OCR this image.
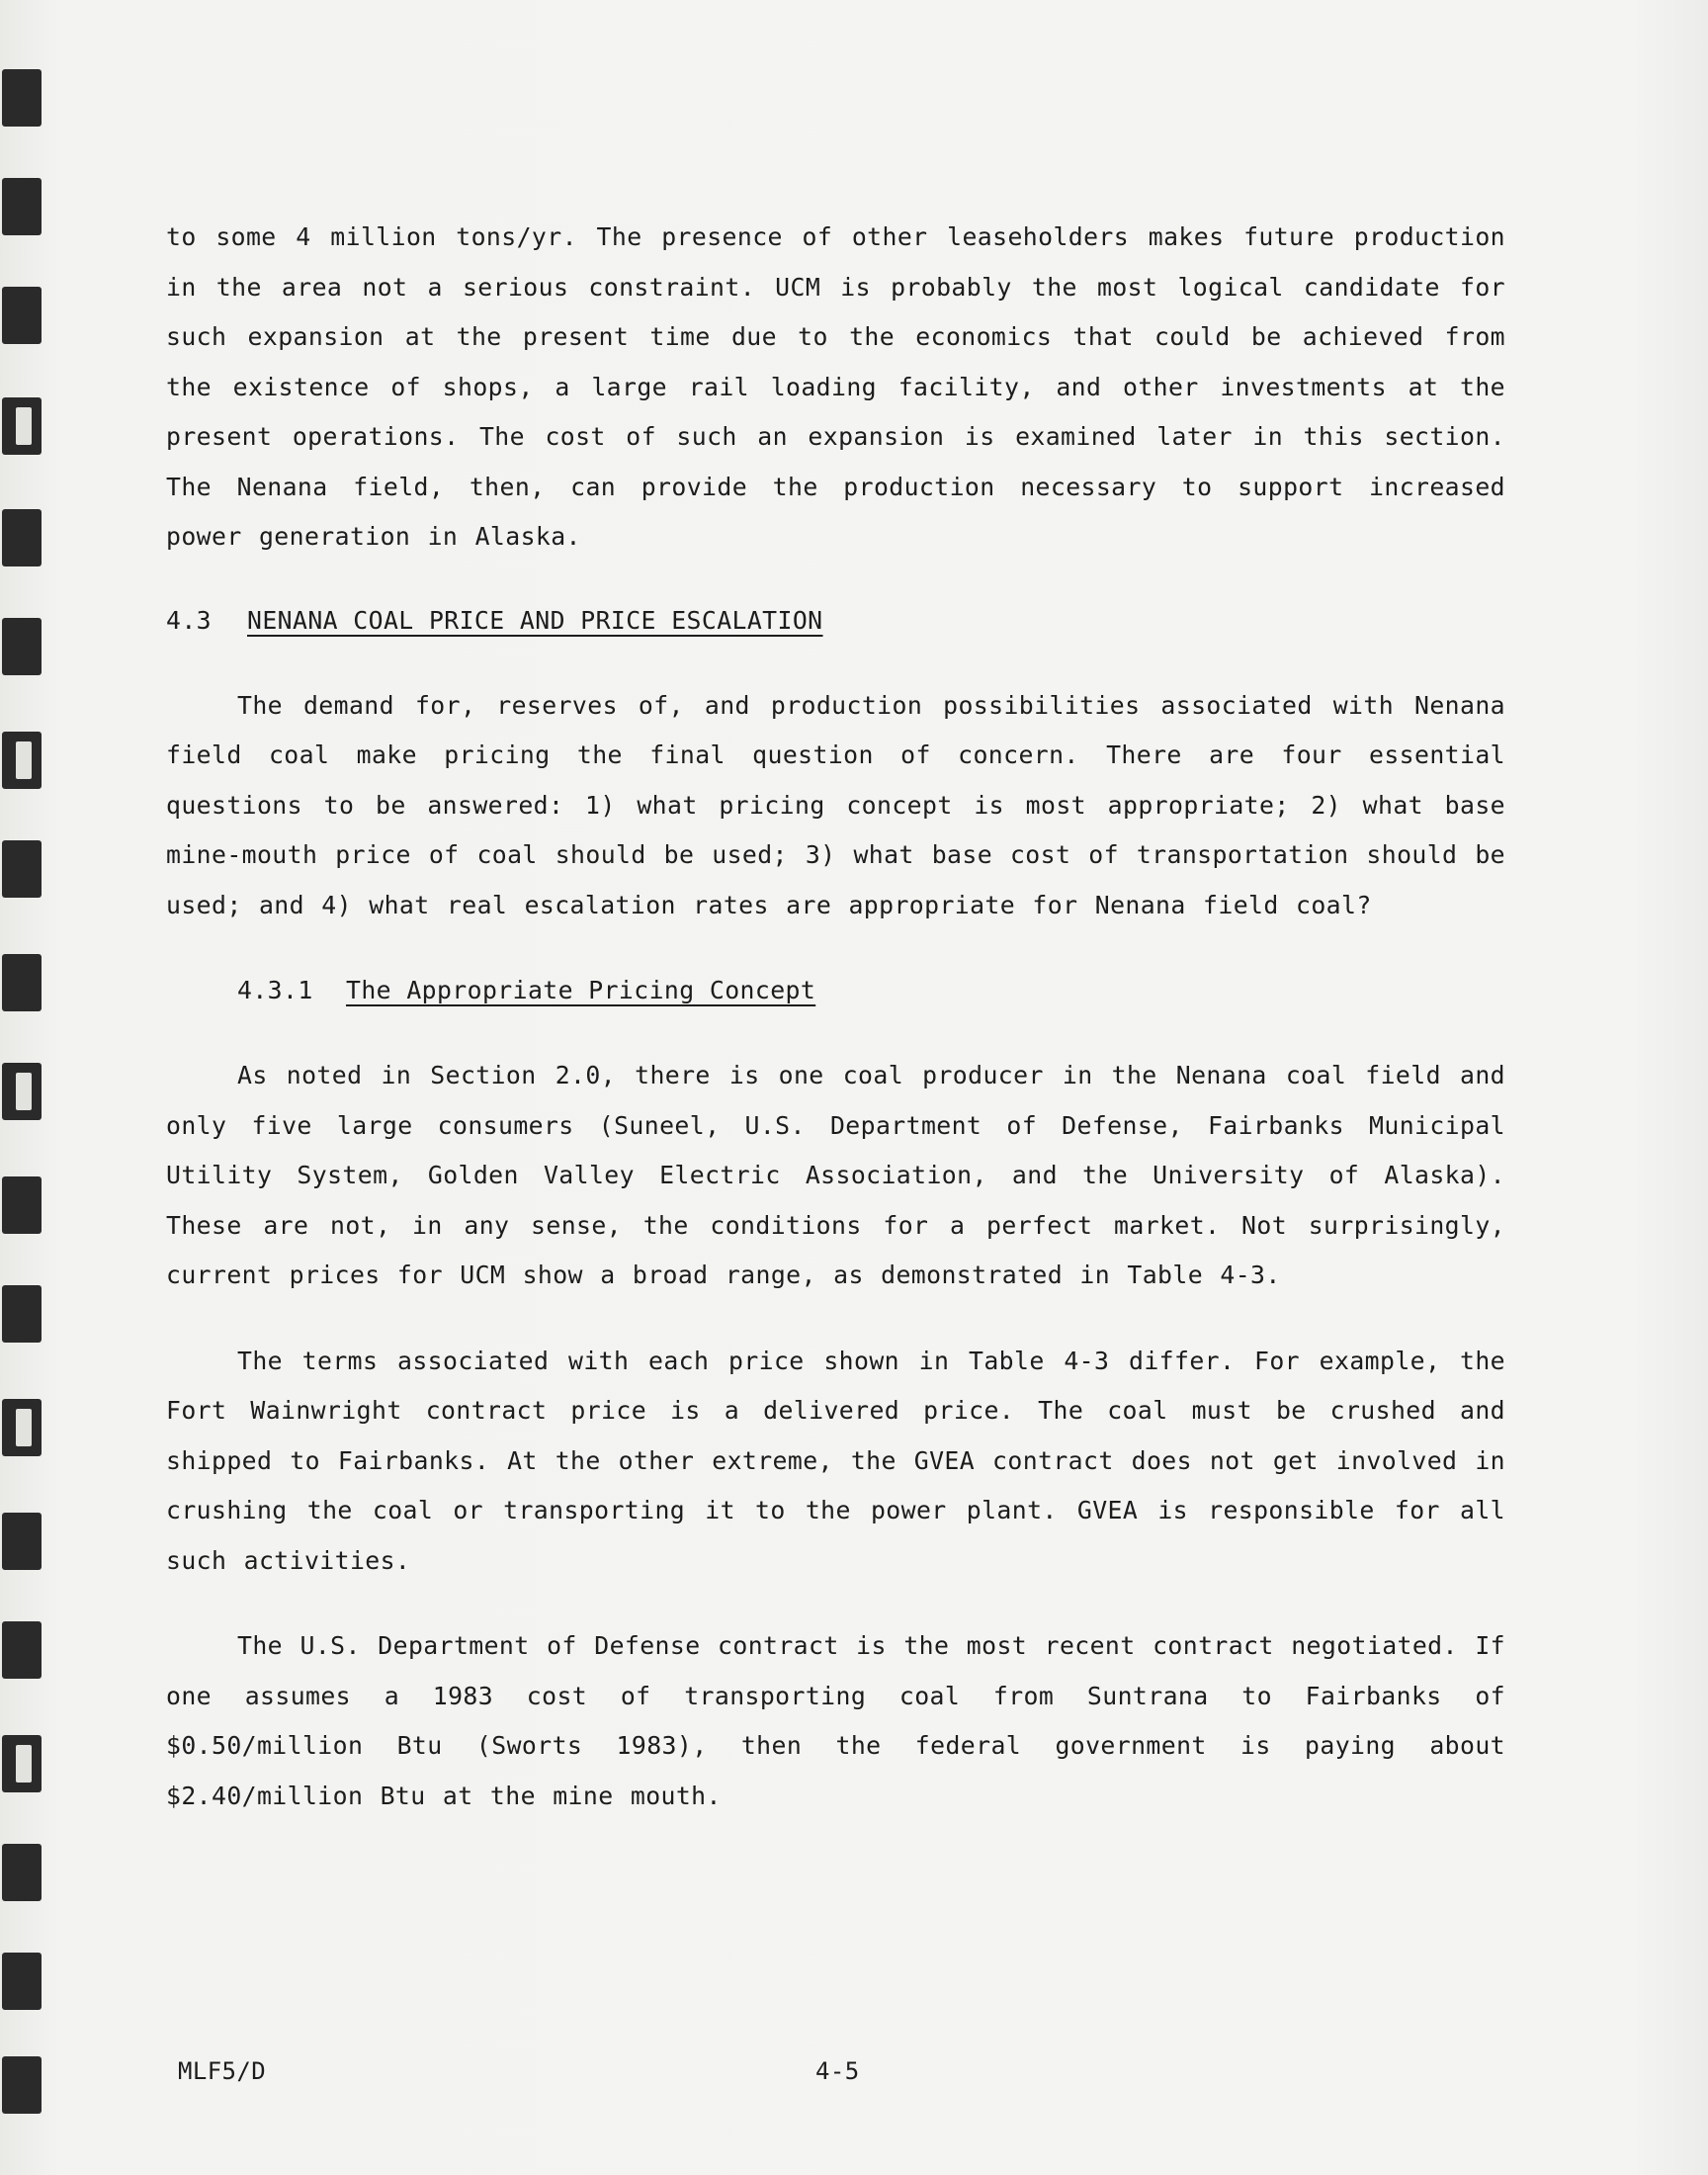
to some 4 million tons/yr. The presence of other leaseholders makes future production in the area not a serious constraint. UCM is probably the most logical candidate for such expansion at the present time due to the economics that could be achieved from the existence of shops, a large rail loading facility, and other investments at the present operations. The cost of such an expansion is examined later in this section. The Nenana field, then, can provide the production necessary to support increased power generation in Alaska.

4.3 NENANA COAL PRICE AND PRICE ESCALATION

The demand for, reserves of, and production possibilities associated with Nenana field coal make pricing the final question of concern. There are four essential questions to be answered: 1) what pricing concept is most appropriate; 2) what base mine-mouth price of coal should be used; 3) what base cost of transportation should be used; and 4) what real escalation rates are appropriate for Nenana field coal?

4.3.1 The Appropriate Pricing Concept

As noted in Section 2.0, there is one coal producer in the Nenana coal field and only five large consumers (Suneel, U.S. Department of Defense, Fairbanks Municipal Utility System, Golden Valley Electric Association, and the University of Alaska). These are not, in any sense, the conditions for a perfect market. Not surprisingly, current prices for UCM show a broad range, as demonstrated in Table 4-3.

The terms associated with each price shown in Table 4-3 differ. For example, the Fort Wainwright contract price is a delivered price. The coal must be crushed and shipped to Fairbanks. At the other extreme, the GVEA contract does not get involved in crushing the coal or transporting it to the power plant. GVEA is responsible for all such activities.

The U.S. Department of Defense contract is the most recent contract negotiated. If one assumes a 1983 cost of transporting coal from Suntrana to Fairbanks of $0.50/million Btu (Sworts 1983), then the federal government is paying about $2.40/million Btu at the mine mouth.

MLF5/D	4-5
